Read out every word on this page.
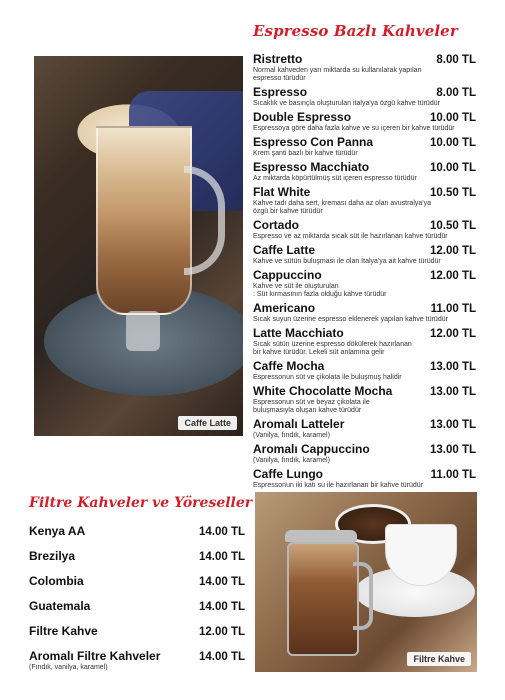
Caffe Latte
Filtre Kahve
Espresso Bazlı Kahveler
Ristretto	8.00 TL
Normal kahveden yarı miktarda su kullanılarak yapılan
espresso türüdür
Espresso	8.00 TL
Sıcaklık ve basınçla oluşturulan italya'ya özgü kahve türüdür
Double Espresso	10.00 TL
Espressoya göre daha fazla kahve ve su içeren bir kahve türüdür
Espresso Con Panna	10.00 TL
Krem şanti bazlı bir kahve türüdür
Espresso Macchiato	10.00 TL
Az miktarda köpürtülmüş süt içeren espresso türüdür
Flat White	10.50 TL
Kahve tadı daha sert, kreması daha az olan avustralya'ya
özgü bir kahve türüdür
Cortado	10.50 TL
Espresso ve az miktarda sıcak süt ile hazırlanan kahve türüdür
Caffe Latte	12.00 TL
Kahve ve sütün buluşması ile olan İtalya'ya ait kahve türüdür
Cappuccino	12.00 TL
Kahve ve süt ile oluşturulan
: Süt kırmasının fazla olduğu kahve türüdür
Americano	11.00 TL
Sıcak suyun üzerine espresso eklenerek yapılan kahve türüdür
Latte Macchiato	12.00 TL
Sıcak sütün üzerine espresso dökülerek hazırlanan
bir kahve türüdür. Lekeli süt anlamına gelir
Caffe Mocha	13.00 TL
Espressonun süt ve çikolata ile buluşmuş halidir
White Chocolatte Mocha	13.00 TL
Espressonun süt ve beyaz çikolata ile
buluşmasıyla oluşan kahve türüdür
Aromalı Latteler	13.00 TL
(Vanilya, fındık, karamel)
Aromalı Cappuccino	13.00 TL
(Vanilya, fındık, karamel)
Caffe Lungo	11.00 TL
Espressonun iki katı su ile hazırlanan bir kahve türüdür
Filtre Kahveler ve Yöreseller
Kenya AA	14.00 TL
Brezilya	14.00 TL
Colombia	14.00 TL
Guatemala	14.00 TL
Filtre Kahve	12.00 TL
Aromalı Filtre Kahveler	14.00 TL
(Fındık, vanilya, karamel)
